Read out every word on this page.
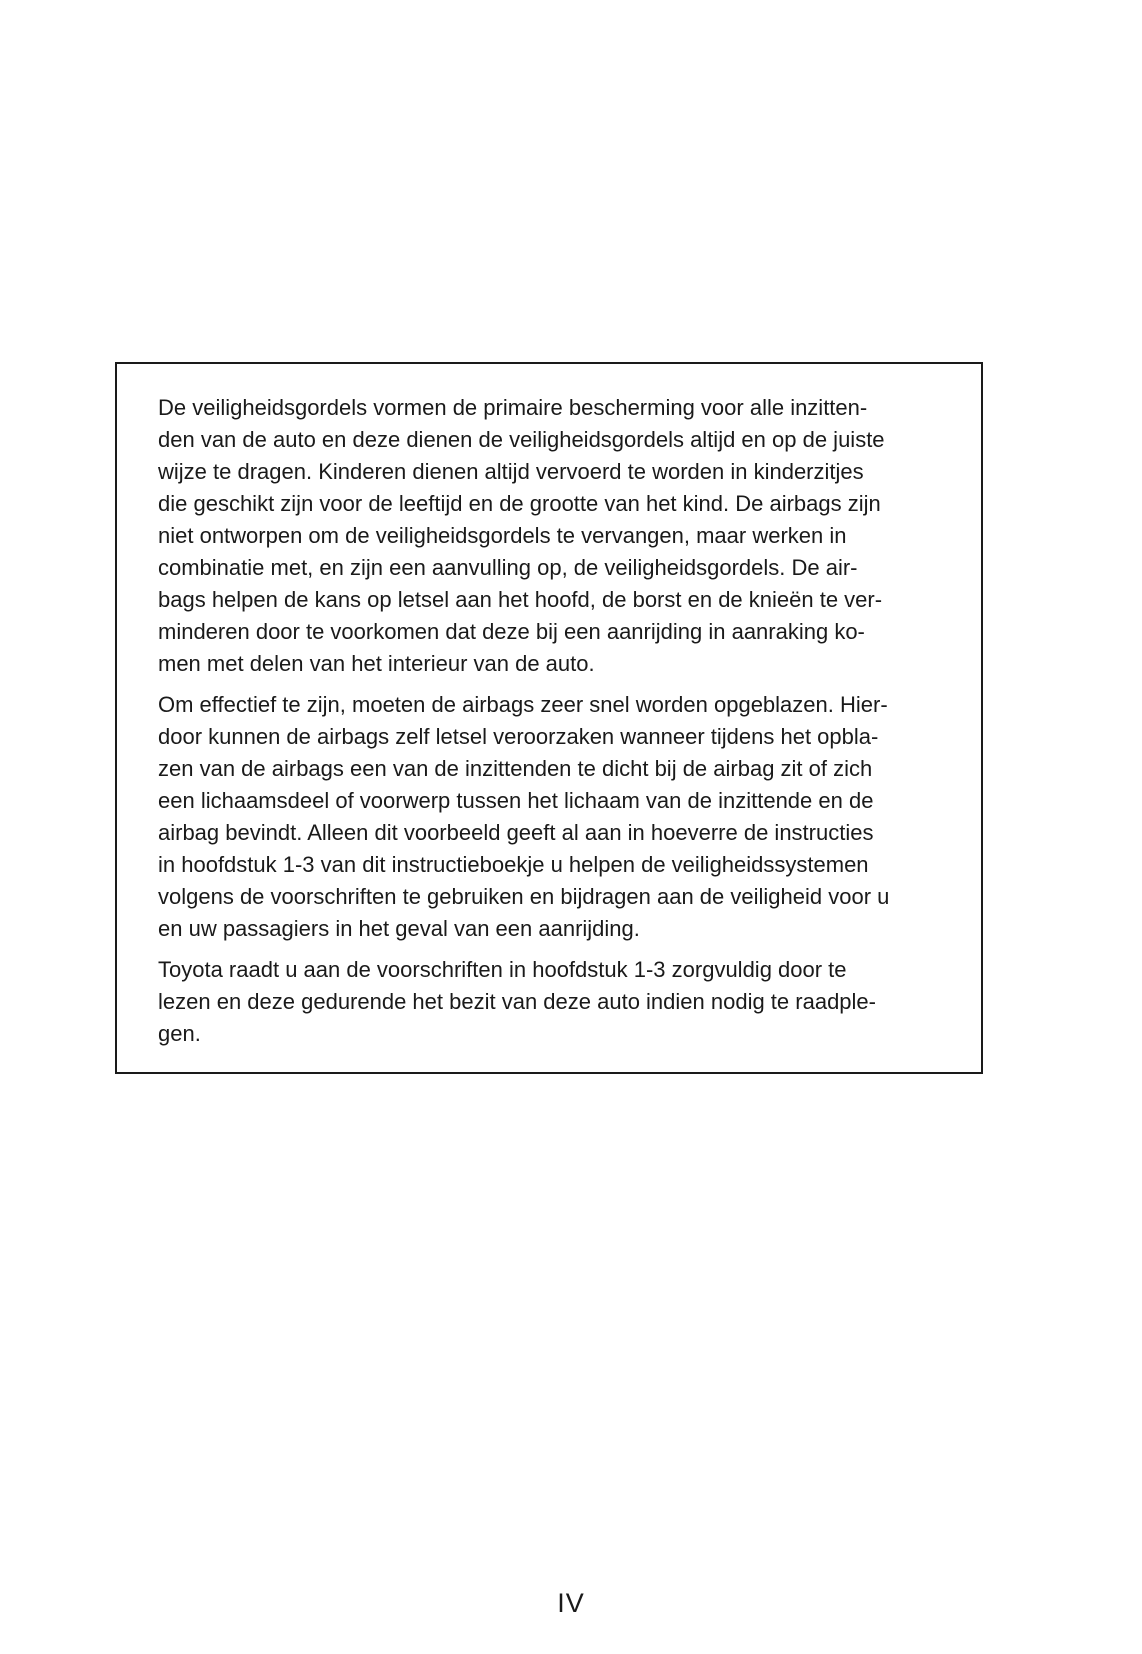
De veiligheidsgordels vormen de primaire bescherming voor alle inzitten-
den van de auto en deze dienen de veiligheidsgordels altijd en op de juiste
wijze te dragen. Kinderen dienen altijd vervoerd te worden in kinderzitjes
die geschikt zijn voor de leeftijd en de grootte van het kind. De airbags zijn
niet ontworpen om de veiligheidsgordels te vervangen, maar werken in
combinatie met, en zijn een aanvulling op, de veiligheidsgordels. De air-
bags helpen de kans op letsel aan het hoofd, de borst en de knieën te ver-
minderen door te voorkomen dat deze bij een aanrijding in aanraking ko-
men met delen van het interieur van de auto.

Om effectief te zijn, moeten de airbags zeer snel worden opgeblazen. Hier-
door kunnen de airbags zelf letsel veroorzaken wanneer tijdens het opbla-
zen van de airbags een van de inzittenden te dicht bij de airbag zit of zich
een lichaamsdeel of voorwerp tussen het lichaam van de inzittende en de
airbag bevindt. Alleen dit voorbeeld geeft al aan in hoeverre de instructies
in hoofdstuk 1-3 van dit instructieboekje u helpen de veiligheidssystemen
volgens de voorschriften te gebruiken en bijdragen aan de veiligheid voor u
en uw passagiers in het geval van een aanrijding.

Toyota raadt u aan de voorschriften in hoofdstuk 1-3 zorgvuldig door te
lezen en deze gedurende het bezit van deze auto indien nodig te raadple-
gen.

IV
